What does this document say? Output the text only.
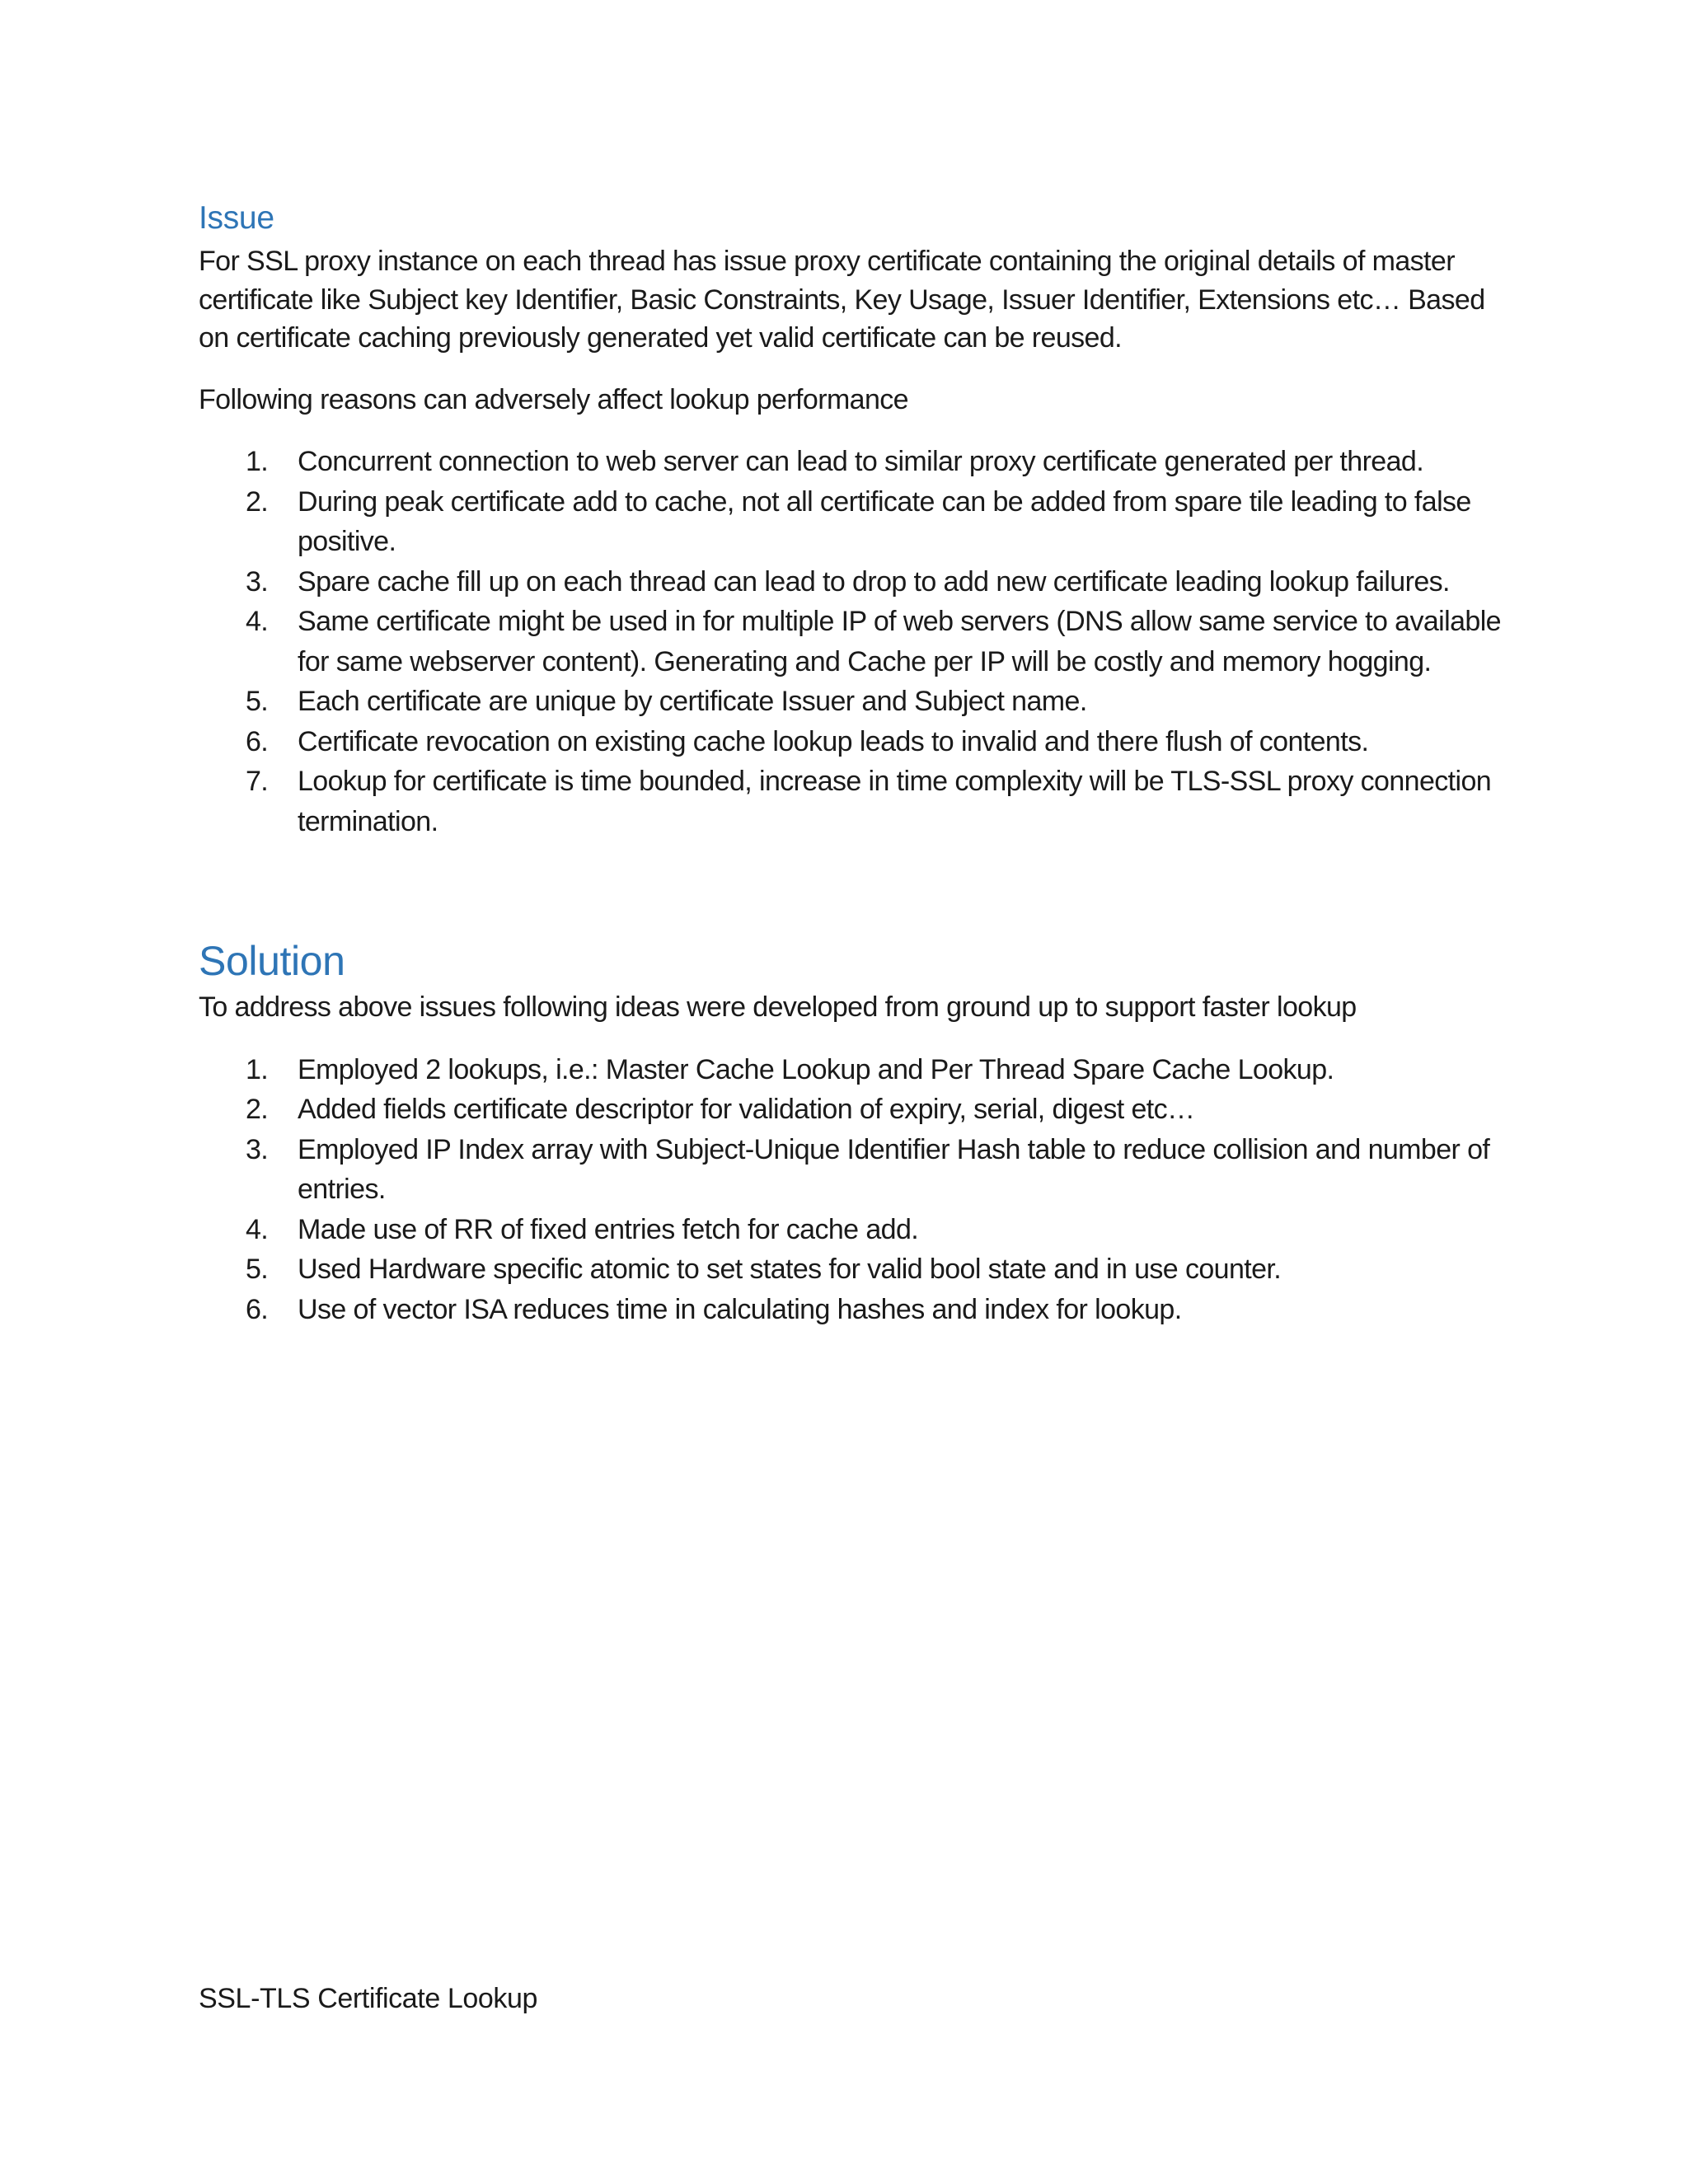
Issue

For SSL proxy instance on each thread has issue proxy certificate containing the original details of master certificate like Subject key Identifier, Basic Constraints, Key Usage, Issuer Identifier, Extensions etc… Based on certificate caching previously generated yet valid certificate can be reused.

Following reasons can adversely affect lookup performance

1. Concurrent connection to web server can lead to similar proxy certificate generated per thread.
2. During peak certificate add to cache, not all certificate can be added from spare tile leading to false positive.
3. Spare cache fill up on each thread can lead to drop to add new certificate leading lookup failures.
4. Same certificate might be used in for multiple IP of web servers (DNS allow same service to available for same webserver content). Generating and Cache per IP will be costly and memory hogging.
5. Each certificate are unique by certificate Issuer and Subject name.
6. Certificate revocation on existing cache lookup leads to invalid and there flush of contents.
7. Lookup for certificate is time bounded, increase in time complexity will be TLS-SSL proxy connection termination.
Solution

To address above issues following ideas were developed from ground up to support faster lookup

1. Employed 2 lookups, i.e.: Master Cache Lookup and Per Thread Spare Cache Lookup.
2. Added fields certificate descriptor for validation of expiry, serial, digest etc…
3. Employed IP Index array with Subject-Unique Identifier Hash table to reduce collision and number of entries.
4. Made use of RR of fixed entries fetch for cache add.
5. Used Hardware specific atomic to set states for valid bool state and in use counter.
6. Use of vector ISA reduces time in calculating hashes and index for lookup.
SSL-TLS Certificate Lookup
